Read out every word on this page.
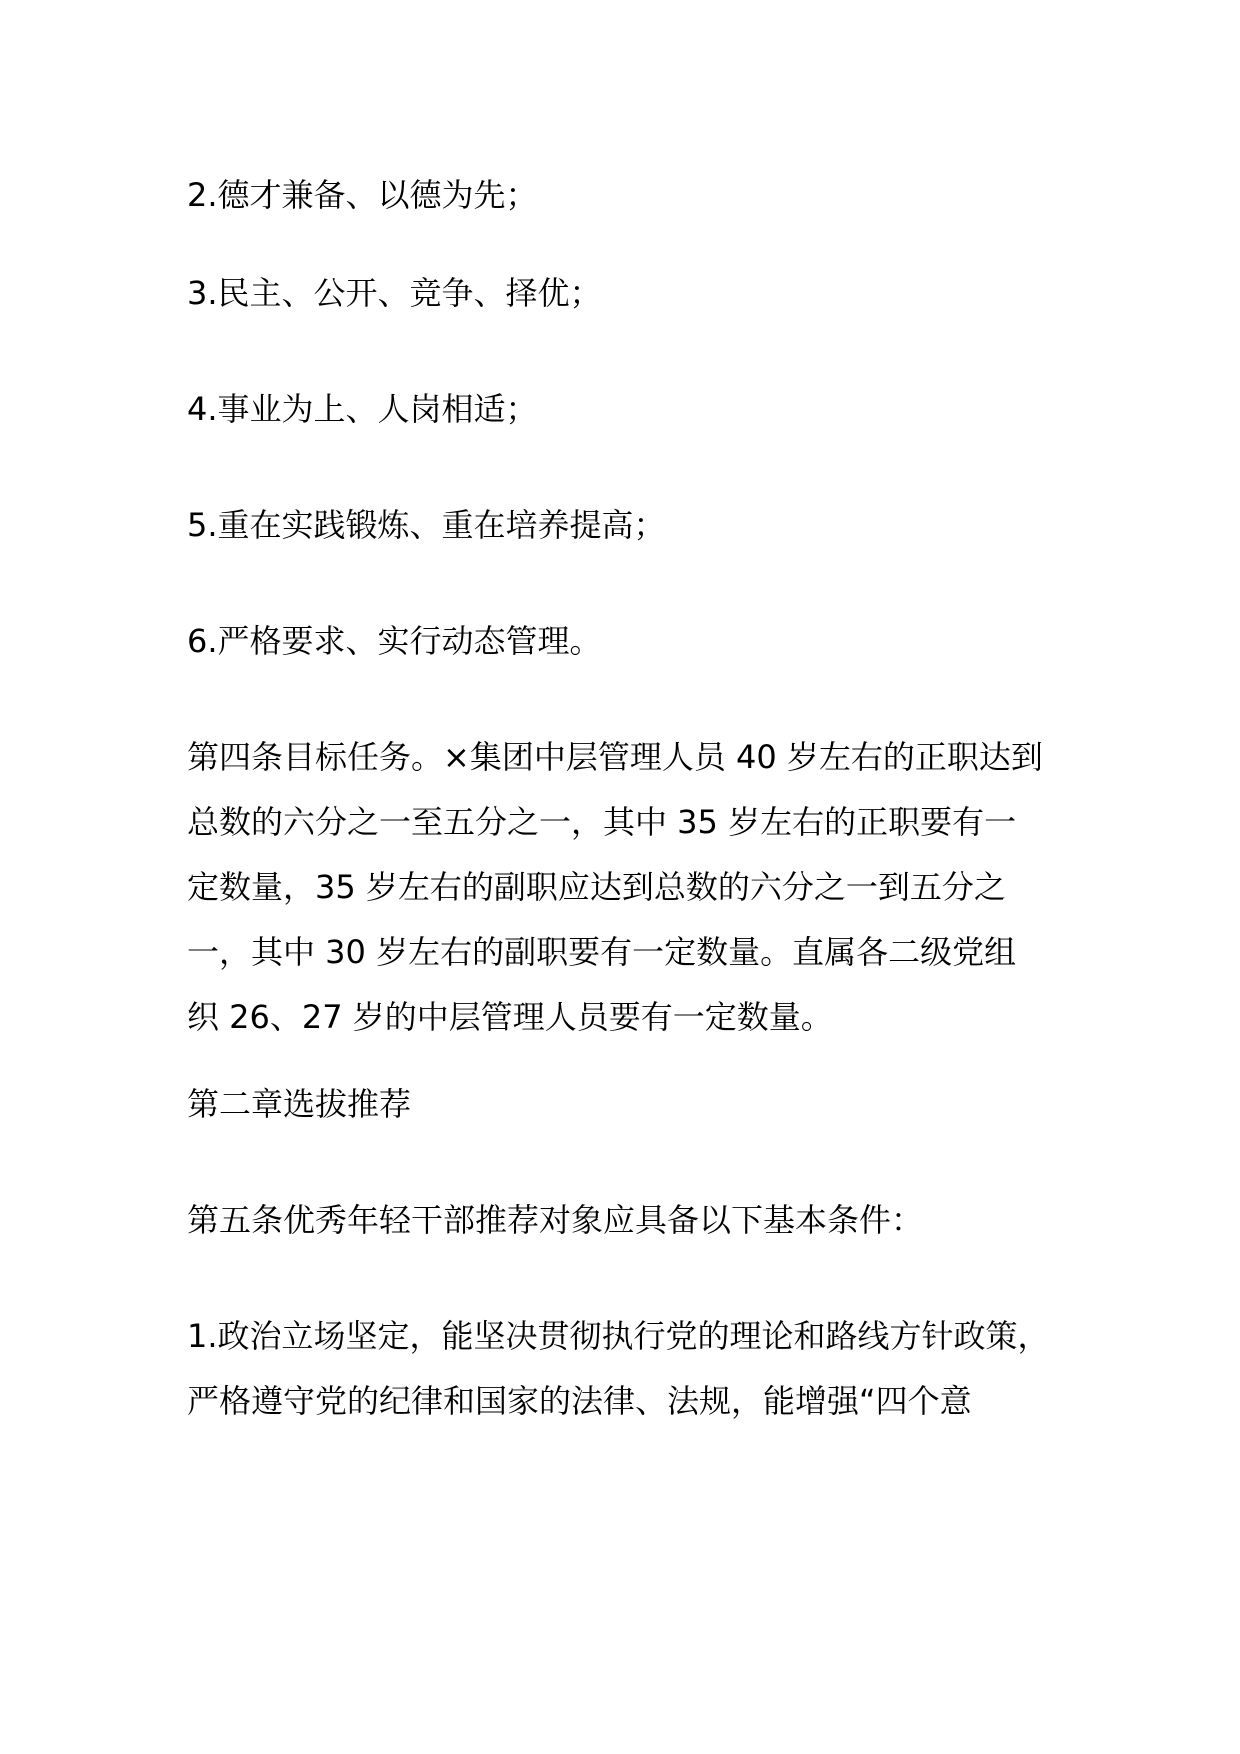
2.德才兼备、以德为先；

3.民主、公开、竞争、择优；

4.事业为上、人岗相适；

5.重在实践锻炼、重在培养提高；

6.严格要求、实行动态管理。

第四条目标任务。×集团中层管理人员 40 岁左右的正职达到
总数的六分之一至五分之一，其中 35 岁左右的正职要有一
定数量，35 岁左右的副职应达到总数的六分之一到五分之
一，其中 30 岁左右的副职要有一定数量。直属各二级党组
织 26、27 岁的中层管理人员要有一定数量。

第二章选拔推荐

第五条优秀年轻干部推荐对象应具备以下基本条件：

1.政治立场坚定，能坚决贯彻执行党的理论和路线方针政策，
严格遵守党的纪律和国家的法律、法规，能增强“四个意
